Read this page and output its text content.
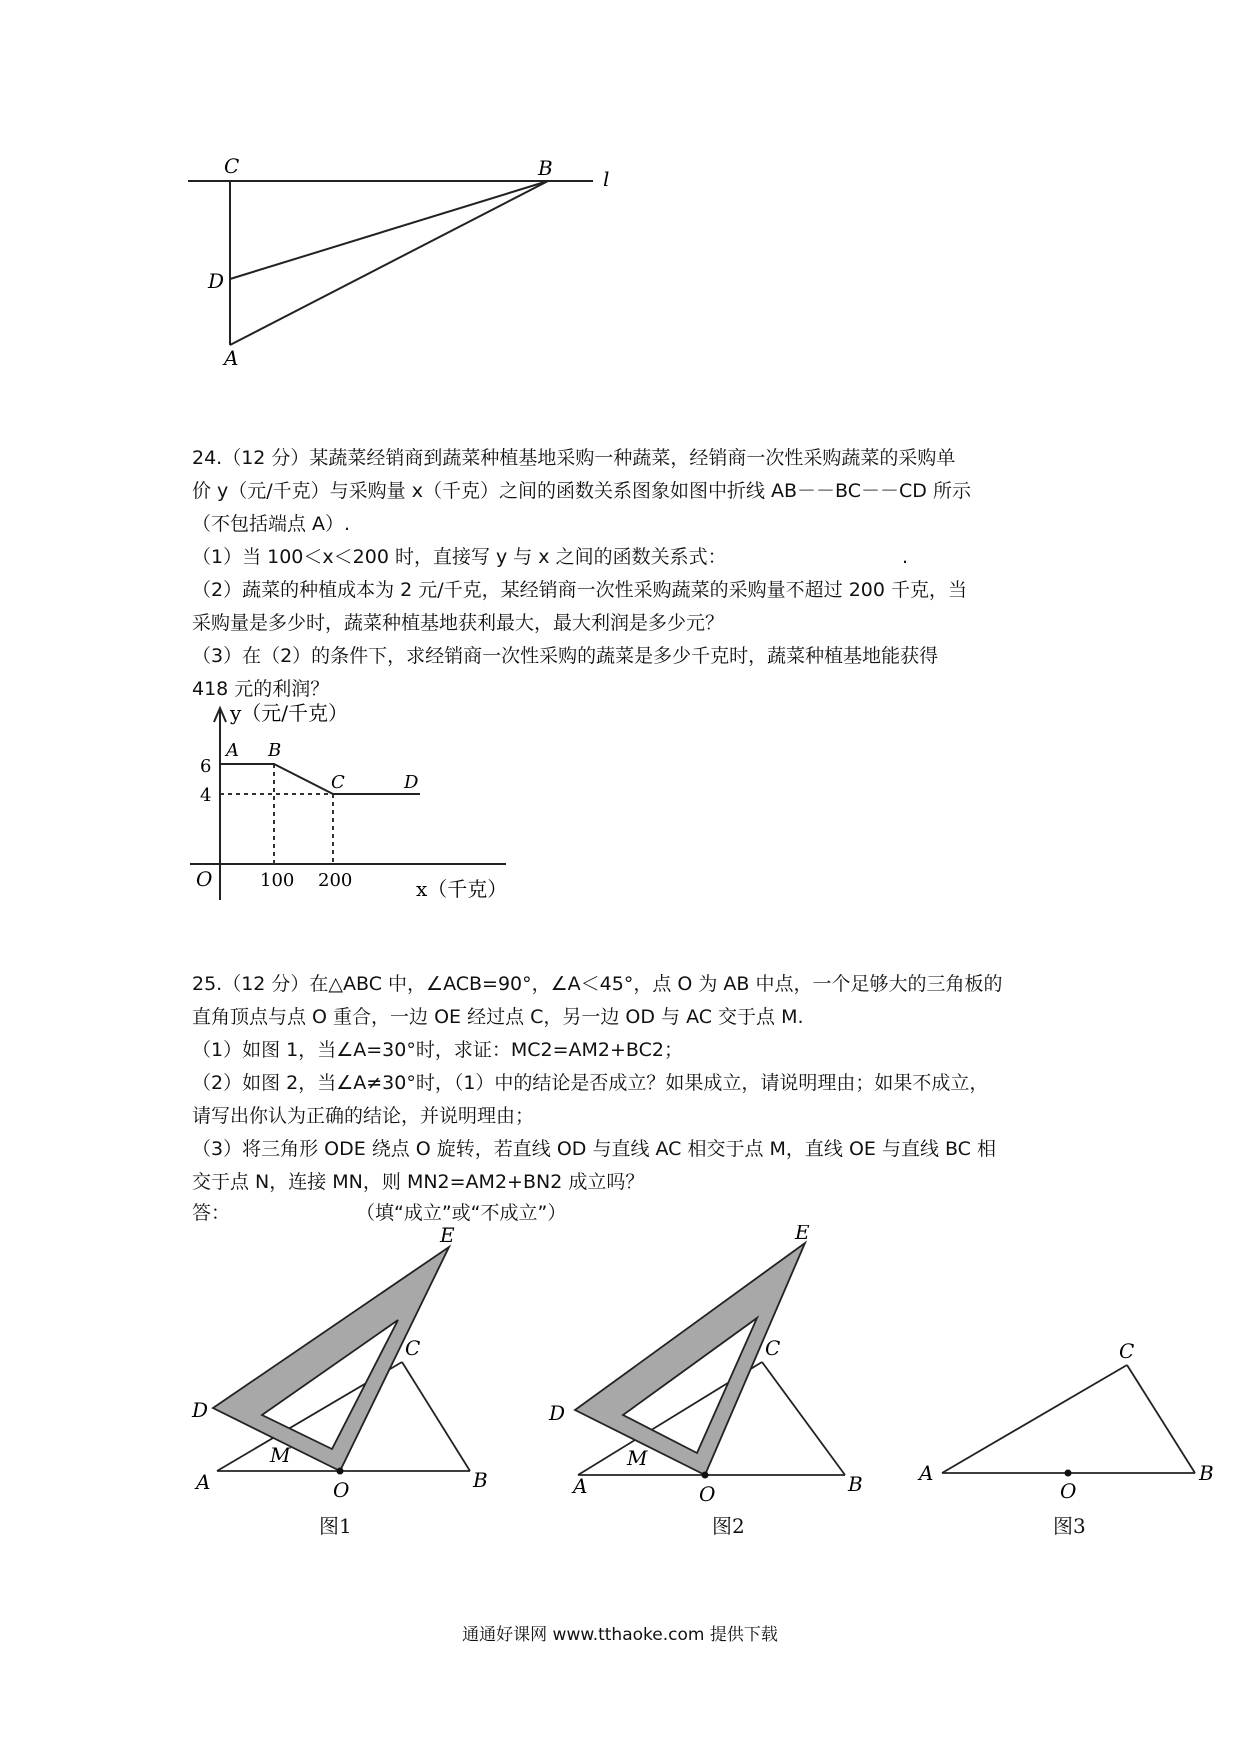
C	B	l
D
A
24.（12 分）某蔬菜经销商到蔬菜种植基地采购一种蔬菜，经销商一次性采购蔬菜的采购单
价 y（元/千克）与采购量 x（千克）之间的函数关系图象如图中折线 AB－－BC－－CD 所示
（不包括端点 A）.
（1）当 100＜x＜200 时，直接写 y 与 x 之间的函数关系式：	.
（2）蔬菜的种植成本为 2 元/千克，某经销商一次性采购蔬菜的采购量不超过 200 千克，当
采购量是多少时，蔬菜种植基地获利最大，最大利润是多少元？
（3）在（2）的条件下，求经销商一次性采购的蔬菜是多少千克时，蔬菜种植基地能获得
418 元的利润？
y（元/千克）
x（千克）
O
6
4
100 200
A B
C	D
25.（12 分）在△ABC 中，∠ACB=90°，∠A＜45°，点 O 为 AB 中点，一个足够大的三角板的
直角顶点与点 O 重合，一边 OE 经过点 C，另一边 OD 与 AC 交于点 M.
（1）如图 1，当∠A=30°时，求证：MC2=AM2+BC2；
（2）如图 2，当∠A≠30°时，（1）中的结论是否成立？如果成立，请说明理由；如果不成立，
请写出你认为正确的结论，并说明理由；
（3）将三角形 ODE 绕点 O 旋转，若直线 OD 与直线 AC 相交于点 M，直线 OE 与直线 BC 相
交于点 N，连接 MN，则 MN2=AM2+BN2 成立吗？
答：	（填“成立”或“不成立”）
E
C
D
M
A	O	B
图1
E
C
D
M
A	O	B
图2
C
A
O
B
图3
通通好课网 www.tthaoke.com 提供下载
